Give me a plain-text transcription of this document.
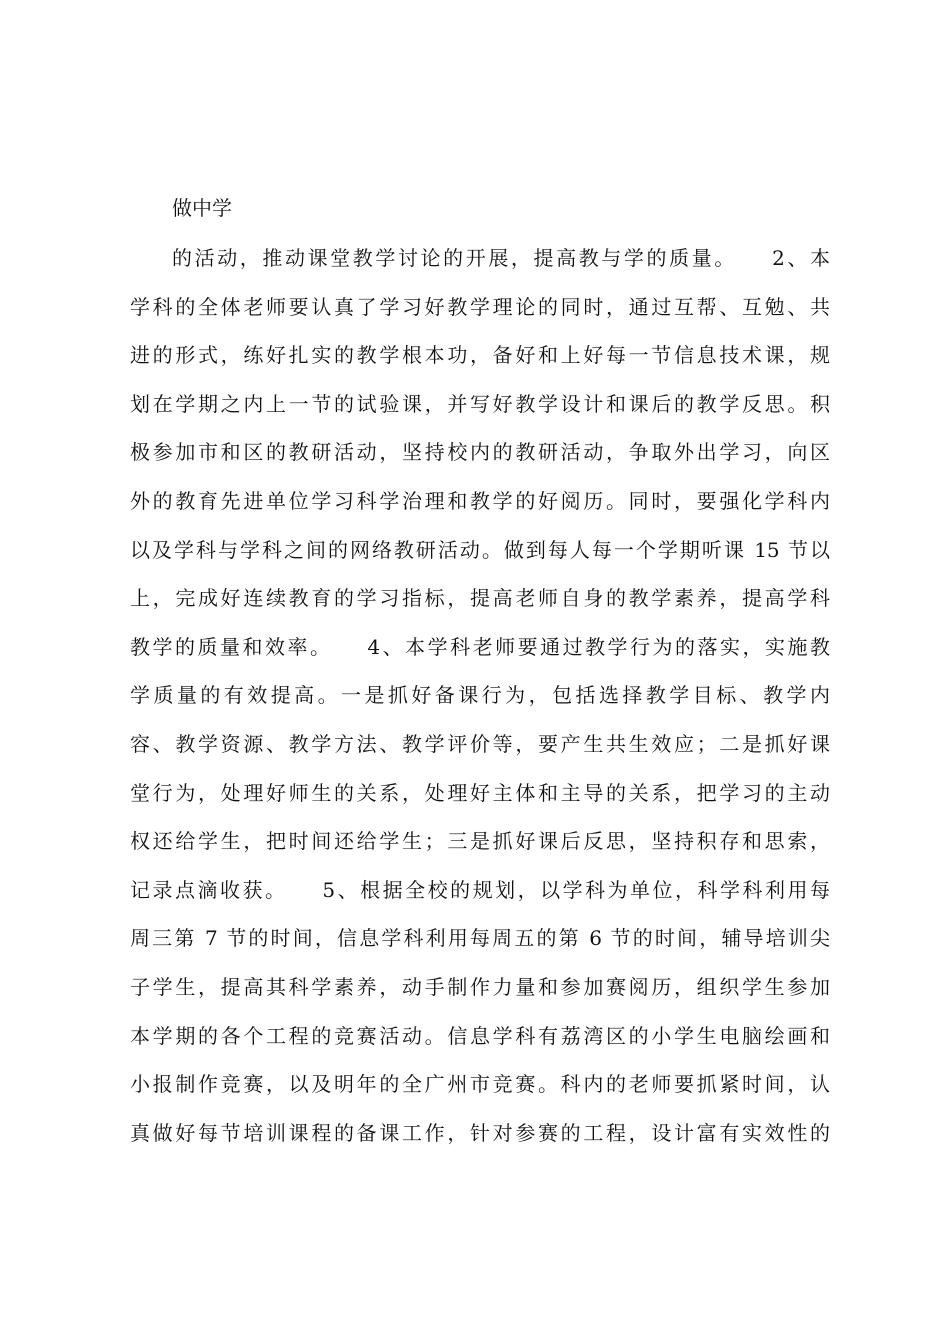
做中学
的活动，推动课堂教学讨论的开展，提高教与学的质量。　　2、本
学科的全体老师要认真了学习好教学理论的同时，通过互帮、互勉、共
进的形式，练好扎实的教学根本功，备好和上好每一节信息技术课，规
划在学期之内上一节的试验课，并写好教学设计和课后的教学反思。积
极参加市和区的教研活动，坚持校内的教研活动，争取外出学习，向区
外的教育先进单位学习科学治理和教学的好阅历。同时，要强化学科内
以及学科与学科之间的网络教研活动。做到每人每一个学期听课 15 节以
上，完成好连续教育的学习指标，提高老师自身的教学素养，提高学科
教学的质量和效率。　　4、本学科老师要通过教学行为的落实，实施教
学质量的有效提高。一是抓好备课行为，包括选择教学目标、教学内
容、教学资源、教学方法、教学评价等，要产生共生效应；二是抓好课
堂行为，处理好师生的关系，处理好主体和主导的关系，把学习的主动
权还给学生，把时间还给学生；三是抓好课后反思，坚持积存和思索，
记录点滴收获。　　5、根据全校的规划，以学科为单位，科学科利用每
周三第 7 节的时间，信息学科利用每周五的第 6 节的时间，辅导培训尖
子学生，提高其科学素养，动手制作力量和参加赛阅历，组织学生参加
本学期的各个工程的竞赛活动。信息学科有荔湾区的小学生电脑绘画和
小报制作竞赛，以及明年的全广州市竞赛。科内的老师要抓紧时间，认
真做好每节培训课程的备课工作，针对参赛的工程，设计富有实效性的
